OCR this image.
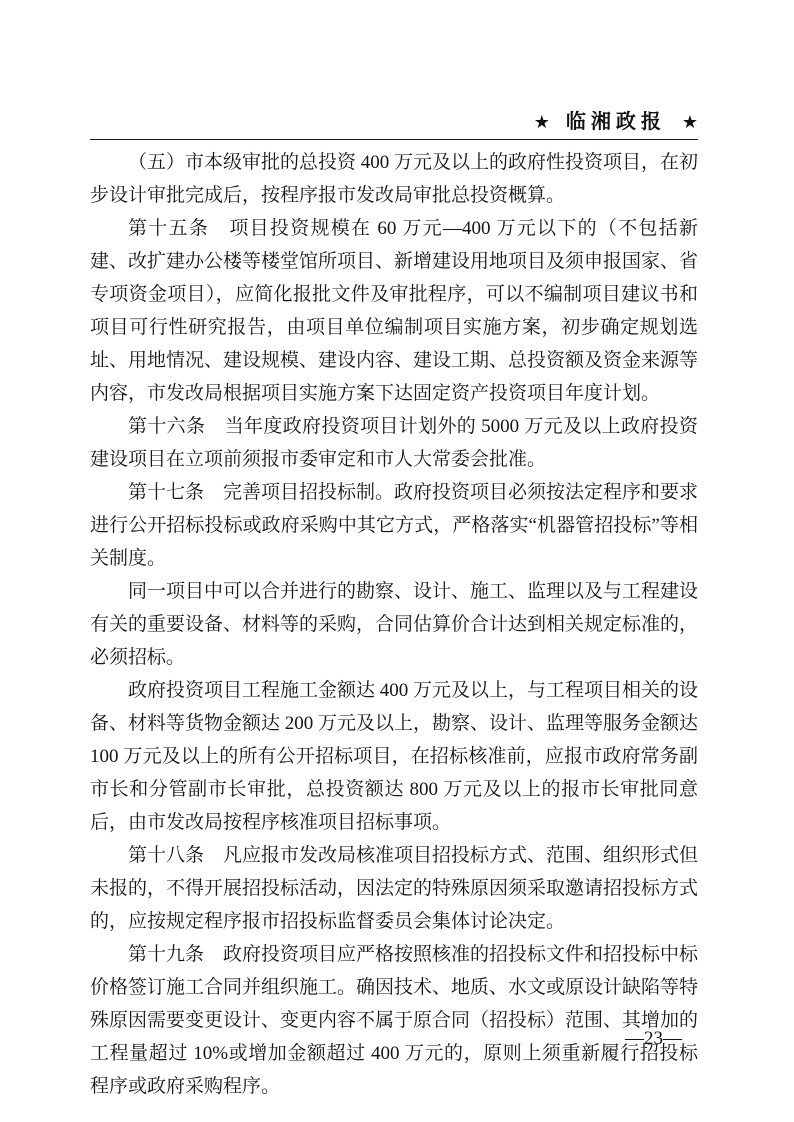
★ 临湘政报 ★

（五）市本级审批的总投资 400 万元及以上的政府性投资项目，在初步设计审批完成后，按程序报市发改局审批总投资概算。

第十五条　项目投资规模在 60 万元—400 万元以下的（不包括新建、改扩建办公楼等楼堂馆所项目、新增建设用地项目及须申报国家、省专项资金项目），应简化报批文件及审批程序，可以不编制项目建议书和项目可行性研究报告，由项目单位编制项目实施方案，初步确定规划选址、用地情况、建设规模、建设内容、建设工期、总投资额及资金来源等内容，市发改局根据项目实施方案下达固定资产投资项目年度计划。

第十六条　当年度政府投资项目计划外的 5000 万元及以上政府投资建设项目在立项前须报市委审定和市人大常委会批准。

第十七条　完善项目招投标制。政府投资项目必须按法定程序和要求进行公开招标投标或政府采购中其它方式，严格落实“机器管招投标”等相关制度。

同一项目中可以合并进行的勘察、设计、施工、监理以及与工程建设有关的重要设备、材料等的采购，合同估算价合计达到相关规定标准的，必须招标。

政府投资项目工程施工金额达 400 万元及以上，与工程项目相关的设备、材料等货物金额达 200 万元及以上，勘察、设计、监理等服务金额达 100 万元及以上的所有公开招标项目，在招标核准前，应报市政府常务副市长和分管副市长审批，总投资额达 800 万元及以上的报市长审批同意后，由市发改局按程序核准项目招标事项。

第十八条　凡应报市发改局核准项目招投标方式、范围、组织形式但未报的，不得开展招投标活动，因法定的特殊原因须采取邀请招投标方式的，应按规定程序报市招投标监督委员会集体讨论决定。

第十九条　政府投资项目应严格按照核准的招投标文件和招投标中标价格签订施工合同并组织施工。确因技术、地质、水文或原设计缺陷等特殊原因需要变更设计、变更内容不属于原合同（招投标）范围、其增加的工程量超过 10%或增加金额超过 400 万元的，原则上须重新履行招投标程序或政府采购程序。

—23—
